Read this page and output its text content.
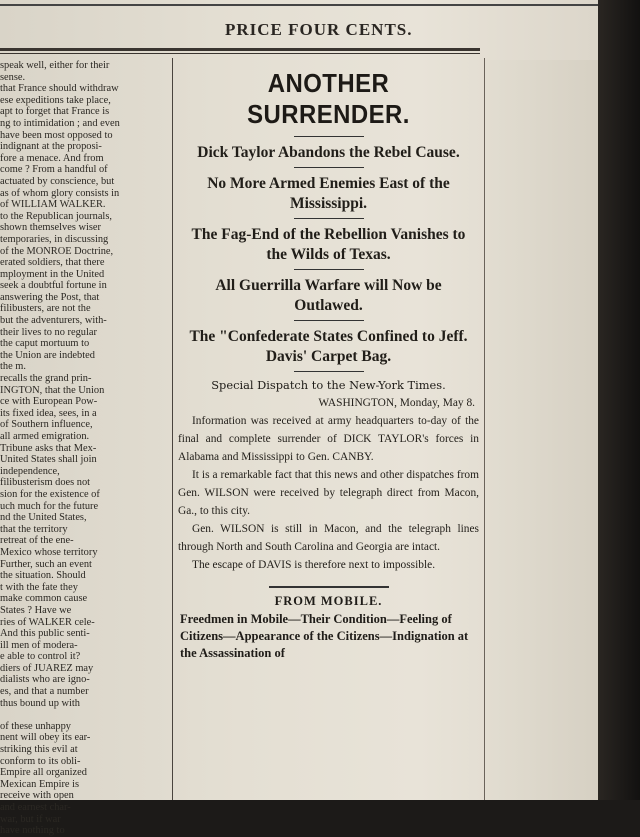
PRICE FOUR CENTS.

speak well, either for their

sense.

that France should withdraw

ese expeditions take place,

apt to forget that France is

ng to intimidation ; and even

have been most opposed to

indignant at the proposi-

fore a menace. And from

come ? From a handful of

actuated by conscience, but

as of whom glory consists in

of WILLIAM WALKER.

to the Republican journals,

shown themselves wiser

temporaries, in discussing

of the MONROE Doctrine,

erated soldiers, that there

mployment in the United

seek a doubtful fortune in

answering the Post, that

filibusters, are not the

but the adventurers, with-

their lives to no regular

the caput mortuum to

the Union are indebted

the m.

recalls the grand prin-

INGTON, that the Union

ce with European Pow-

its fixed idea, sees, in a

of Southern influence,

all armed emigration.

Tribune asks that Mex-

United States shall join

independence,

filibusterism does not

sion for the existence of

uch much for the future

nd the United States,

that the territory

retreat of the ene-

Mexico whose territory

Further, such an event

the situation. Should

t with the fate they

make common cause

States ? Have we

ries of WALKER cele-

And this public senti-

ill men of modera-

e able to control it?

diers of JUAREZ may

dialists who are igno-

es, and that a number

thus bound up with

of these unhappy

nent will obey its ear-

striking this evil at

conform to its obli-

Empire all organized

Mexican Empire is

receive with open

and earnest char-

war, but if war

have nothing to

ANOTHER SURRENDER.
Dick Taylor Abandons the Rebel Cause.
No More Armed Enemies East of the Mississippi.
The Fag-End of the Rebellion Vanishes to the Wilds of Texas.
All Guerrilla Warfare will Now be Outlawed.
The "Confederate States Confined to Jeff. Davis' Carpet Bag.
Special Dispatch to the New-York Times.

WASHINGTON, Monday, May 8.

Information was received at army headquarters to-day of the final and complete surrender of DICK TAYLOR's forces in Alabama and Mississippi to Gen. CANBY.

It is a remarkable fact that this news and other dispatches from Gen. WILSON were received by telegraph direct from Macon, Ga., to this city.

Gen. WILSON is still in Macon, and the telegraph lines through North and South Carolina and Georgia are intact.

The escape of DAVIS is therefore next to impossible.

FROM MOBILE.
Freedmen in Mobile—Their Condition—Feeling of Citizens—Appearance of the Citizens—Indignation at the Assassination of
